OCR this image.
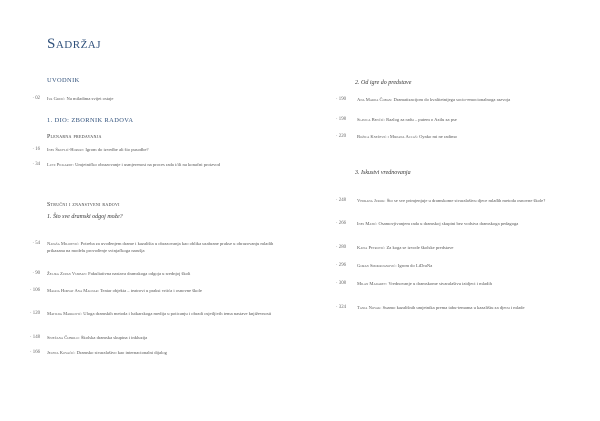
Sadržaj
UVODNIK
· 02 Iva Gruić: Na miladima svijet ostaje
1. DIO: ZBORNIK RADOVA
Plenarna predavanja
· 16 Ines Škuflić-Horvat: Igrom do izvedbe ali što pusodbe?
· 34 Lutz Pickardt: Umjetničko obrazovanje i usmjerenost na proces rada i/ili na konačni proizvod
Stručni i znanstveni radovi
1. Što sve dramski odgoj može?
· 54 Nataša Milojević: Potreba za uvođenjem drame i kazališta u obrazovanja kao oblika uzabrane prakse u obrazovanju mladih prikazana na modelu provođenje svinjačkoga narušja
· 90 Željka Zupan Vurban: Fakultativna nastava dramskoga odgoja u srednjoj školi
· 106 Magda Horvat Ana Malnar: Teatar objekta – teatrovi u praksi vrtića i osnovne škole
· 120 Matilda Marković: Uloga dramskih metoda i lutkarskoga medija u poticanju i obradi osjetljivih tema nastave književnosti
· 148 Snježana Čubrilo: Školska dramska skupina i inkluzija
· 166 Jelena Kovačić: Dramsko stvaralaštvo kao internacionalni dijalog
2. Od igre do predstave
· 190 Ana Marija Čoban: Dramatizacijom do kvalitetnijega socio-emocionalnoga razvoja
· 198 Slavica Benčić: Razlog za radu – putem o Azilu za pse
· 220 Božica Knežević i Mirjana Accaš: Oyako mi ne radimo
3. Iskustvi vrednovanja
· 248 Vedrana Jurok: Što se sve primjenjuje u dramskome stvaralaštvu djece mlađih metoda osnovne škole?
· 266 Ines Matić: Osamovjivanjem rada u dramskoj skupini bez vodstva dramskoga pedagoga
· 280 Katja Petrović: Za koga se izvode školske predstave
· 296 Goran Smokrijanović: Igrom do LiDraNa
· 308 Milan Madarev: Vrednovanje u dramskome stvaralaštvu izidjeci i mladih
· 324 Tanja Novak: Suamo kazališnih umjetnika prema tabu-temama u kazalištu za djecu i mlade
